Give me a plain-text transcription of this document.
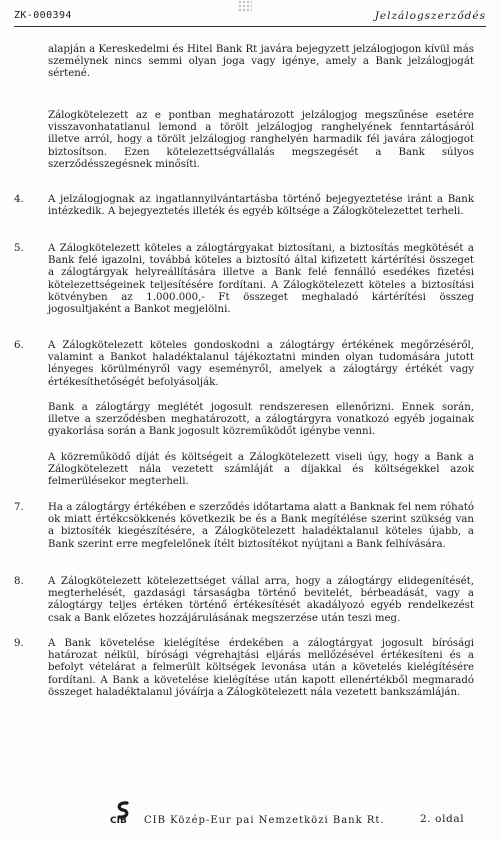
ZK-000394	Jelzálogszerződés
alapján a Kereskedelmi és Hitel Bank Rt javára bejegyzett jelzálogjogon kívül más személynek nincs semmi olyan joga vagy igénye, amely a Bank jelzálogjogát sértené.
Zálogkötelezett az e pontban meghatározott jelzálogjog megszűnése esetére visszavonhatatlanul lemond a törölt jelzálogjog ranghelyének fenntartásáról illetve arról, hogy a törölt jelzálogjog ranghelyén harmadik fél javára zálogjogot biztosítson. Ezen kötelezettségvállalás megszegését a Bank súlyos szerződésszegésnek minősíti.
4.	A jelzálogjognak az ingatlannyilvántartásba történő bejegyeztetése iránt a Bank intézkedik. A bejegyeztetés illeték és egyéb költsége a Zálogkötelezettet terheli.
5.	A Zálogkötelezett köteles a zálogtárgyakat biztosítani, a biztosítás megkötését a Bank felé igazolni, továbbá köteles a biztosító által kifizetett kártérítési összeget a zálogtárgyak helyreállítására illetve a Bank felé fennálló esedékes fizetési kötelezettségeinek teljesítésére fordítani. A Zálogkötelezett köteles a biztosítási kötvényben az 1.000.000,- Ft összeget meghaladó kártérítési összeg jogosultjaként a Bankot megjelölni.
6.	A Zálogkötelezett köteles gondoskodni a zálogtárgy értékének megőrzéséről, valamint a Bankot haladéktalanul tájékoztatni minden olyan tudomására jutott lényeges körülményről vagy eseményről, amelyek a zálogtárgy értékét vagy értékesíthetőségét befolyásolják.
Bank a zálogtárgy meglétét jogosult rendszeresen ellenőrizni. Ennek során, illetve a szerződésben meghatározott, a zálogtárgyra vonatkozó egyéb jogainak gyakorlása során a Bank jogosult közreműködőt igénybe venni.
A közreműködő díját és költségeit a Zálogkötelezett viseli úgy, hogy a Bank a Zálogkötelezett nála vezetett számláját a díjakkal és költségekkel azok felmerülésekor megterheli.
7.	Ha a zálogtárgy értékében e szerződés időtartama alatt a Banknak fel nem róható ok miatt értékcsökkenés következik be és a Bank megítélése szerint szükség van a biztosíték kiegészítésére, a Zálogkötelezett haladéktalanul köteles újabb, a Bank szerint erre megfelelőnek ítélt biztosítékot nyújtani a Bank felhívására.
8.	A Zálogkötelezett kötelezettséget vállal arra, hogy a zálogtárgy elidegenítését, megterhelését, gazdasági társaságba történő bevitelét, bérbeadását, vagy a zálogtárgy teljes értéken történő értékesítését akadályozó egyéb rendelkezést csak a Bank előzetes hozzájárulásának megszerzése után teszi meg.
9.	A Bank követelése kielégítése érdekében a zálogtárgyat jogosult bírósági határozat nélkül, bírósági végrehajtási eljárás mellőzésével értékesíteni és a befolyt vételárat a felmerült költségek levonása után a követelés kielégítésére fordítani. A Bank a követelése kielégítése után kapott ellenértékből megmaradó összeget haladéktalanul jóváírja a Zálogkötelezett nála vezetett bankszámláján.
CIB CIB Közép-Eur pai Nemzetközi Bank Rt.	2. oldal
